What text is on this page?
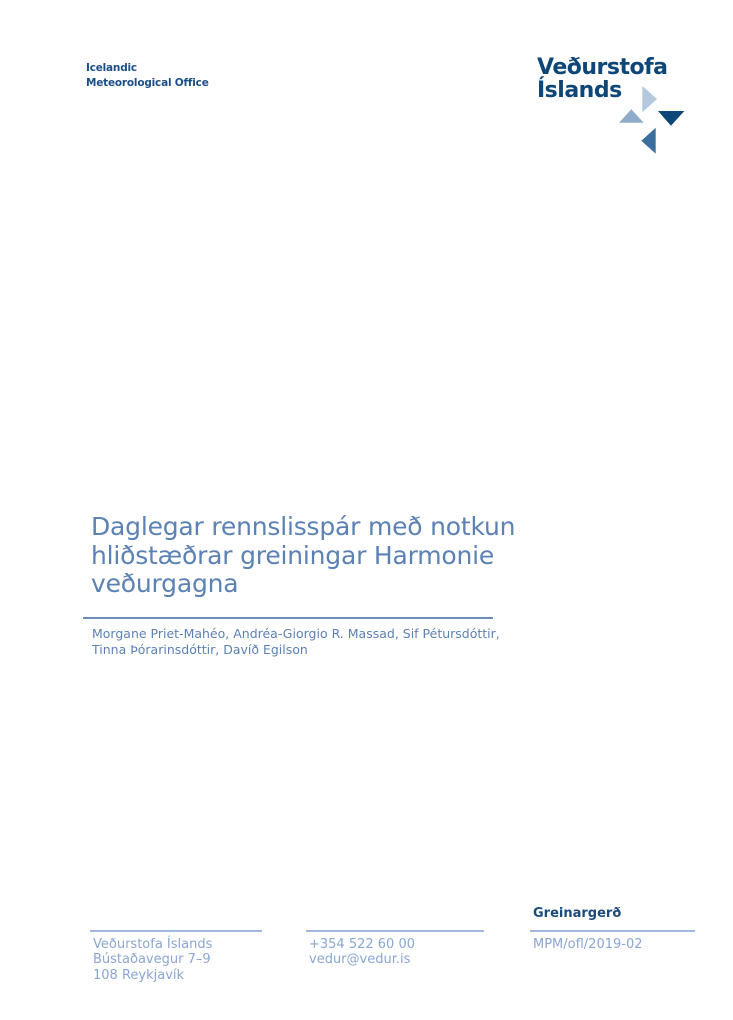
Icelandic
Meteorological Office
Veðurstofa
Íslands
Daglegar rennslisspár með notkun
hliðstæðrar greiningar Harmonie
veðurgagna
Morgane Priet-Mahéo, Andréa-Giorgio R. Massad, Sif Pétursdóttir,
Tinna Þórarinsdóttir, Davíð Egilson
Veðurstofa Íslands
Bústaðavegur 7–9
108 Reykjavík
+354 522 60 00
vedur@vedur.is
Greinargerð
MPM/ofl/2019-02
